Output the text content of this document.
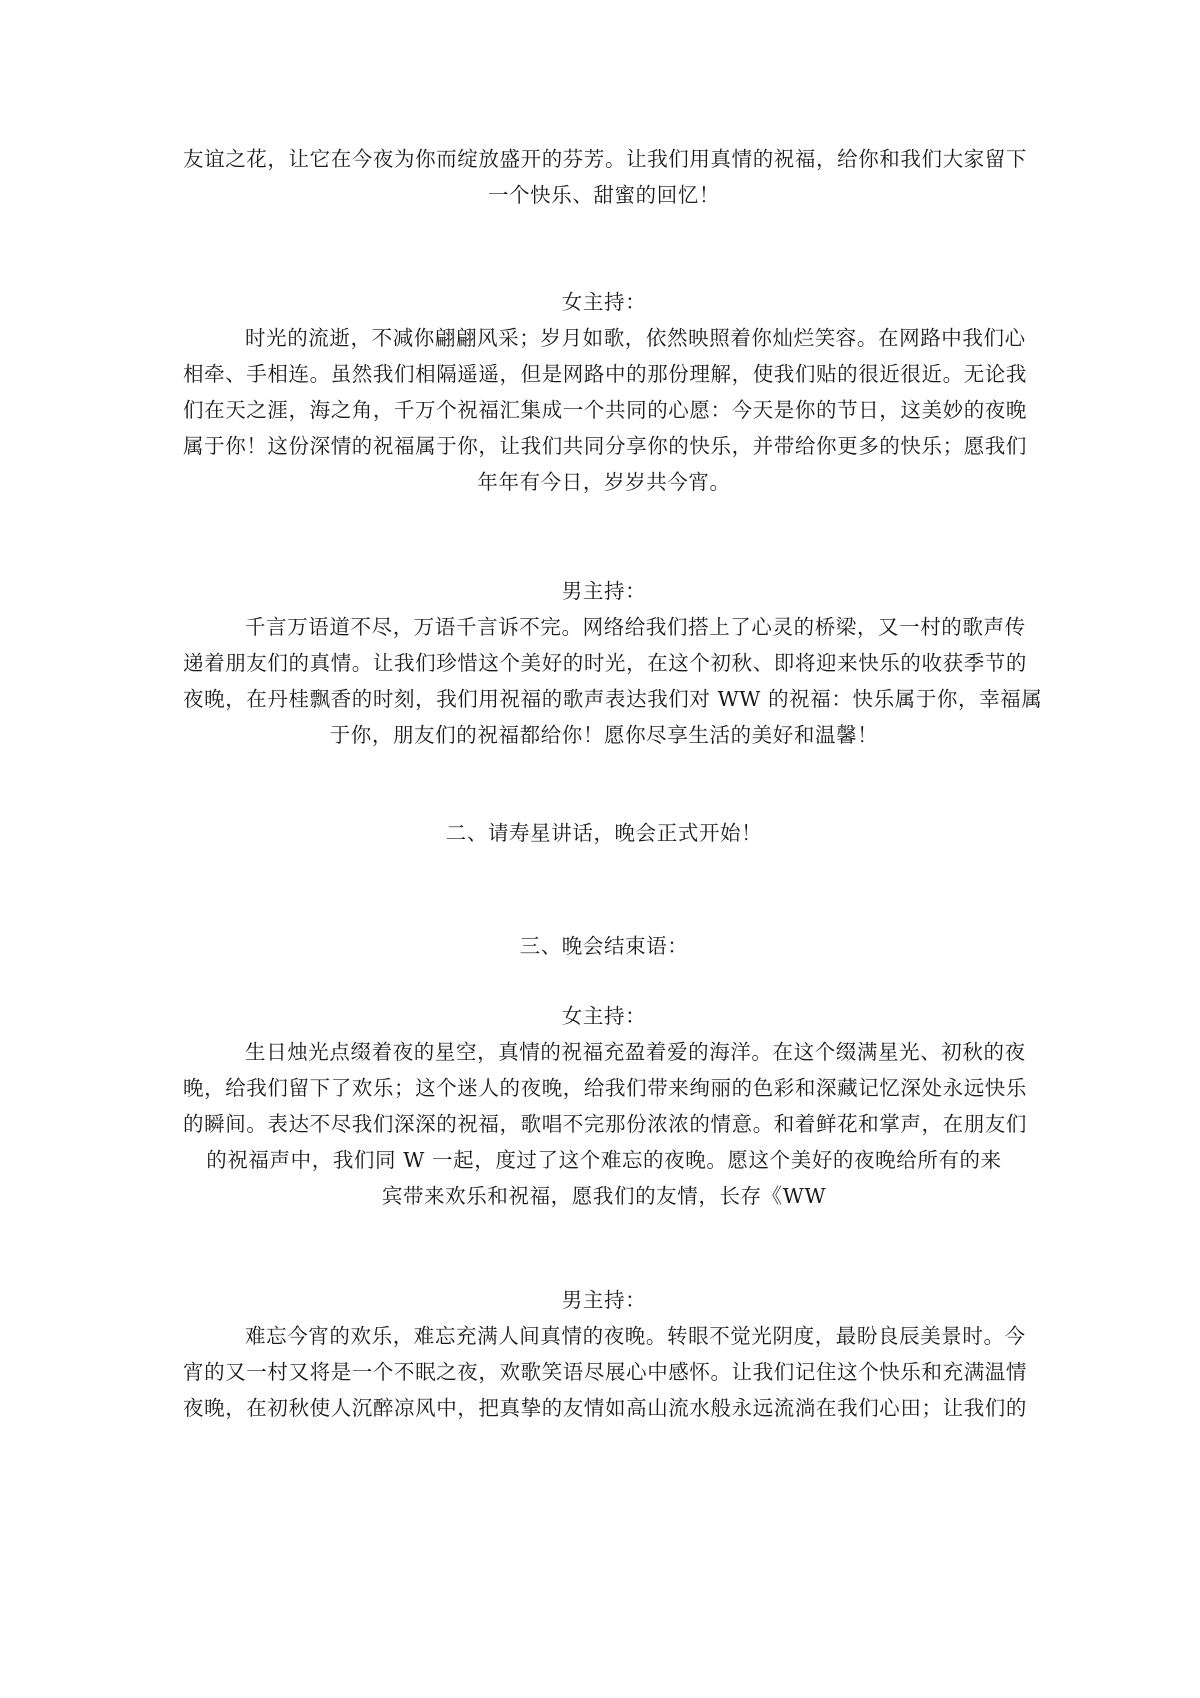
友谊之花，让它在今夜为你而绽放盛开的芬芳。让我们用真情的祝福，给你和我们大家留下
一个快乐、甜蜜的回忆！
女主持：
时光的流逝，不减你翩翩风采；岁月如歌，依然映照着你灿烂笑容。在网路中我们心
相牵、手相连。虽然我们相隔遥遥，但是网路中的那份理解，使我们贴的很近很近。无论我
们在天之涯，海之角，千万个祝福汇集成一个共同的心愿：今天是你的节日，这美妙的夜晚
属于你！这份深情的祝福属于你，让我们共同分享你的快乐，并带给你更多的快乐；愿我们
年年有今日，岁岁共今宵。
男主持：
千言万语道不尽，万语千言诉不完。网络给我们搭上了心灵的桥梁，又一村的歌声传
递着朋友们的真情。让我们珍惜这个美好的时光，在这个初秋、即将迎来快乐的收获季节的
夜晚，在丹桂飘香的时刻，我们用祝福的歌声表达我们对 WW 的祝福：快乐属于你，幸福属
于你，朋友们的祝福都给你！愿你尽享生活的美好和温馨！
二、请寿星讲话，晚会正式开始！
三、晚会结束语：
女主持：
生日烛光点缀着夜的星空，真情的祝福充盈着爱的海洋。在这个缀满星光、初秋的夜
晚，给我们留下了欢乐；这个迷人的夜晚，给我们带来绚丽的色彩和深藏记忆深处永远快乐
的瞬间。表达不尽我们深深的祝福，歌唱不完那份浓浓的情意。和着鲜花和掌声，在朋友们
的祝福声中，我们同 W 一起，度过了这个难忘的夜晚。愿这个美好的夜晚给所有的来
宾带来欢乐和祝福，愿我们的友情，长存《WW
男主持：
难忘今宵的欢乐，难忘充满人间真情的夜晚。转眼不觉光阴度，最盼良辰美景时。今
宵的又一村又将是一个不眠之夜，欢歌笑语尽展心中感怀。让我们记住这个快乐和充满温情
夜晚，在初秋使人沉醉凉风中，把真挚的友情如高山流水般永远流淌在我们心田；让我们的
